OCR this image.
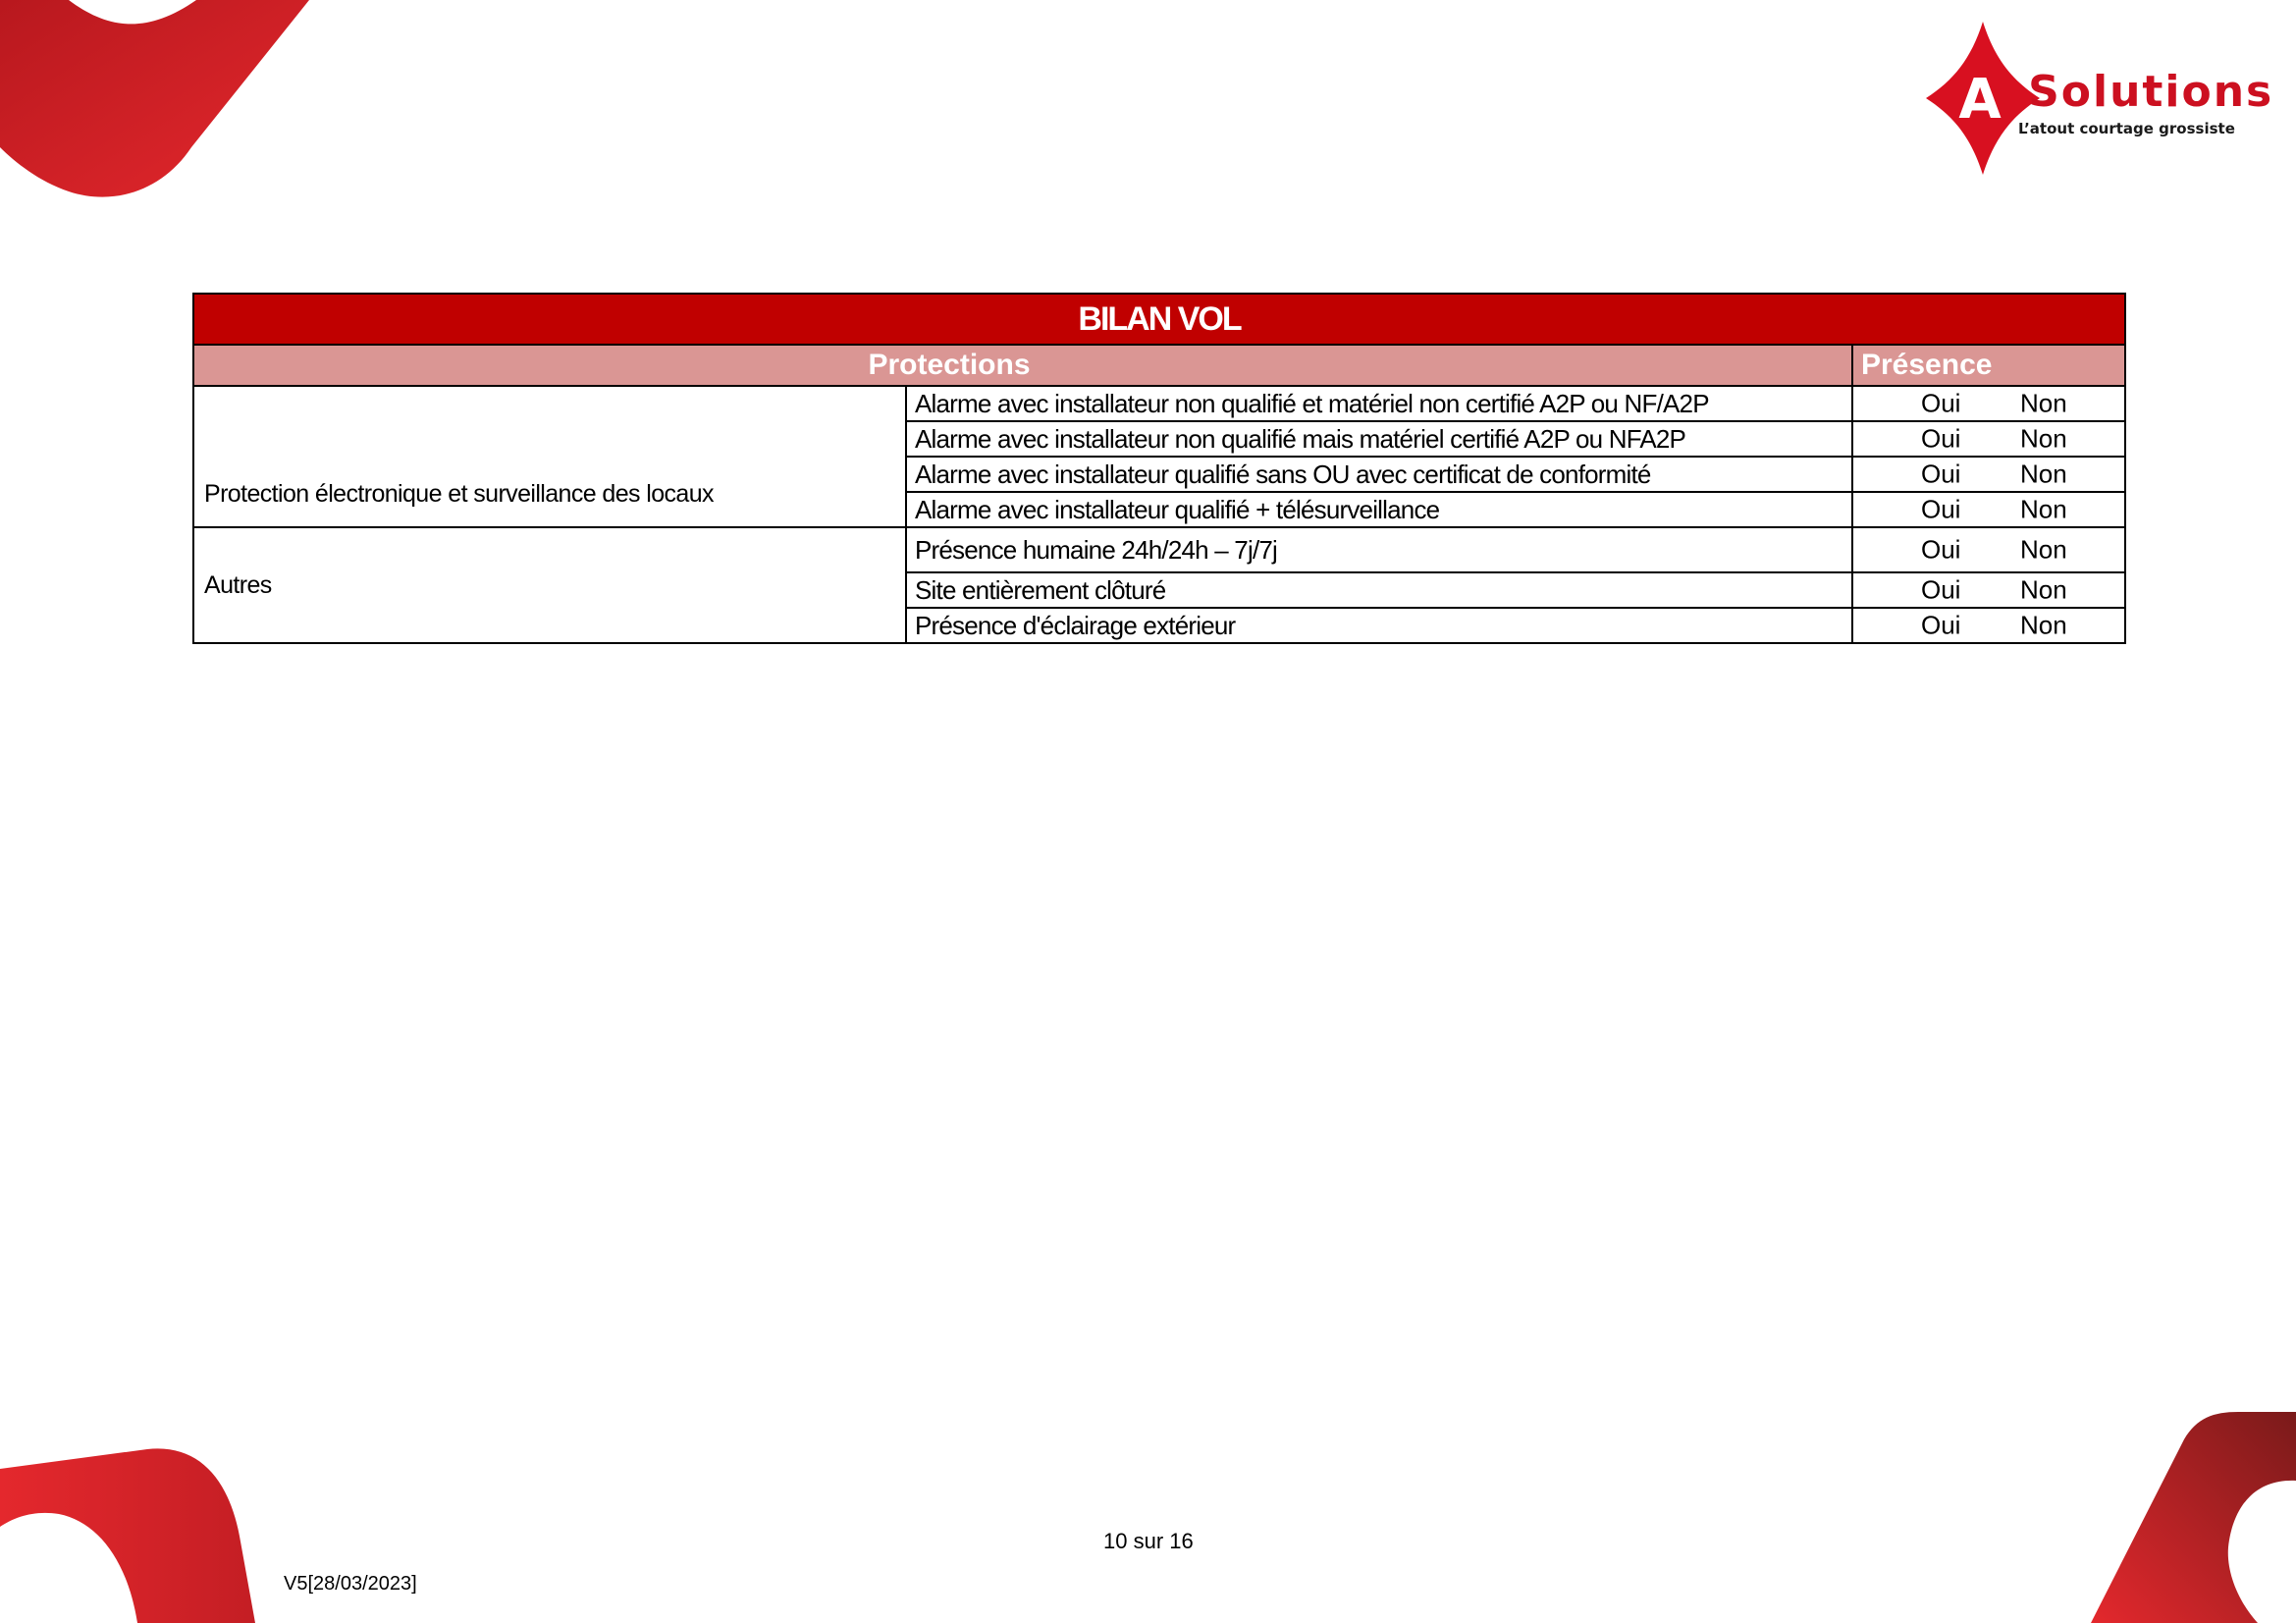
A Solutions
L’atout courtage grossiste
BILAN VOL		
Protections		Présence
Protection électronique et surveillance des locaux	Alarme avec installateur non qualifié et matériel non certifié A2P ou NF/A2P	Oui Non

	Alarme avec installateur non qualifié mais matériel certifié A2P ou NFA2P	Oui Non

	Alarme avec installateur qualifié sans OU avec certificat de conformité	Oui Non

	Alarme avec installateur qualifié + télésurveillance	Oui Non

Autres	Présence humaine 24h/24h – 7j/7j	Oui Non

	Site entièrement clôturé	Oui Non

	Présence d'éclairage extérieur	Oui Non
10 sur 16
V5[28/03/2023]
